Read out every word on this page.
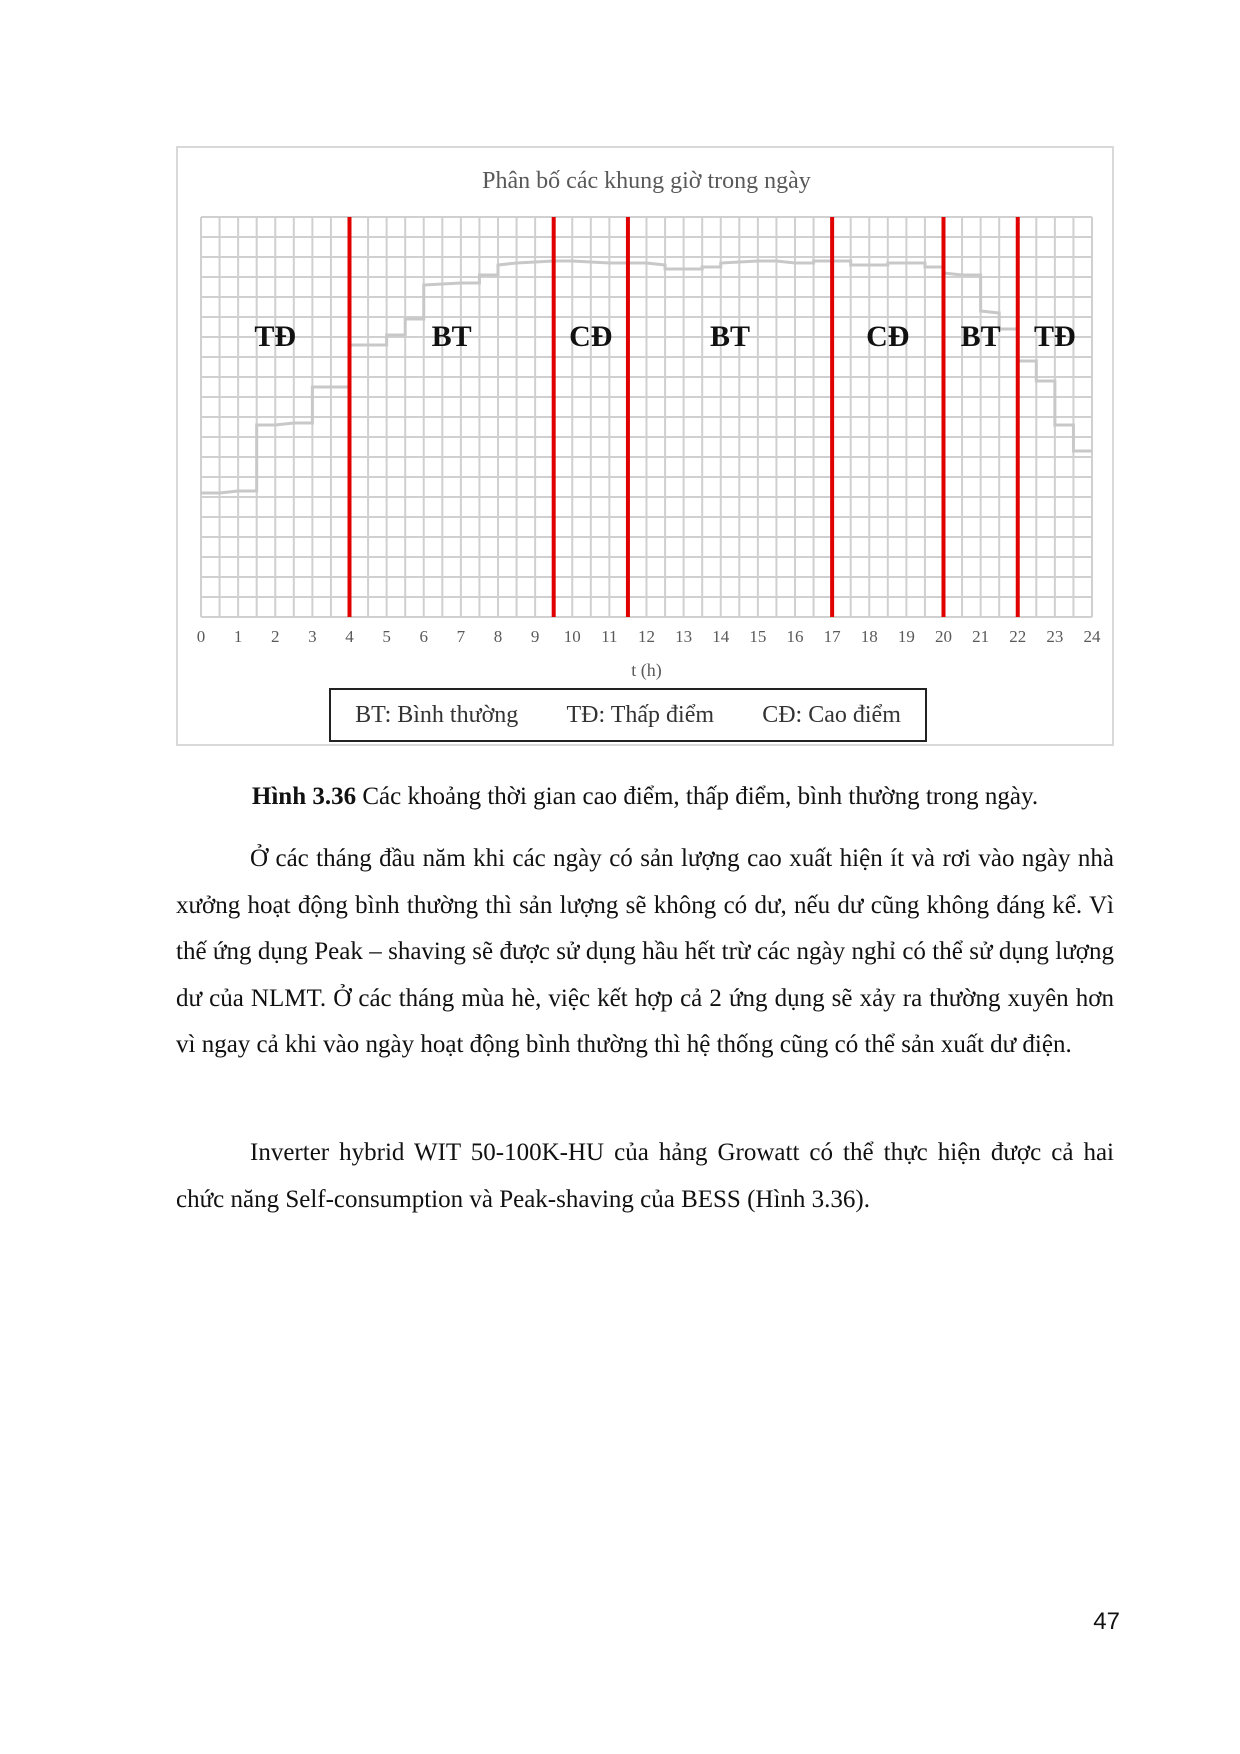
Phân bố các khung giờ trong ngày
TĐ	BT	CĐ	BT	CĐ BT TĐ
0 1 2 3 4 5 6 7 8 9 10 11 12 13 14 15 16 17 18 19 20 21 22 23 24
t (h)
BT: Bình thường TĐ: Thấp điểm CĐ: Cao điểm
Hình 3.36 Các khoảng thời gian cao điểm, thấp điểm, bình thường trong ngày.

Ở các tháng đầu năm khi các ngày có sản lượng cao xuất hiện ít và rơi vào ngày nhà xưởng hoạt động bình thường thì sản lượng sẽ không có dư, nếu dư cũng không đáng kể. Vì thế ứng dụng Peak – shaving sẽ được sử dụng hầu hết trừ các ngày nghỉ có thể sử dụng lượng dư của NLMT. Ở các tháng mùa hè, việc kết hợp cả 2 ứng dụng sẽ xảy ra thường xuyên hơn vì ngay cả khi vào ngày hoạt động bình thường thì hệ thống cũng có thể sản xuất dư điện.

Inverter hybrid WIT 50-100K-HU của hảng Growatt có thể thực hiện được cả hai chức năng Self-consumption và Peak-shaving của BESS (Hình 3.36).

47
